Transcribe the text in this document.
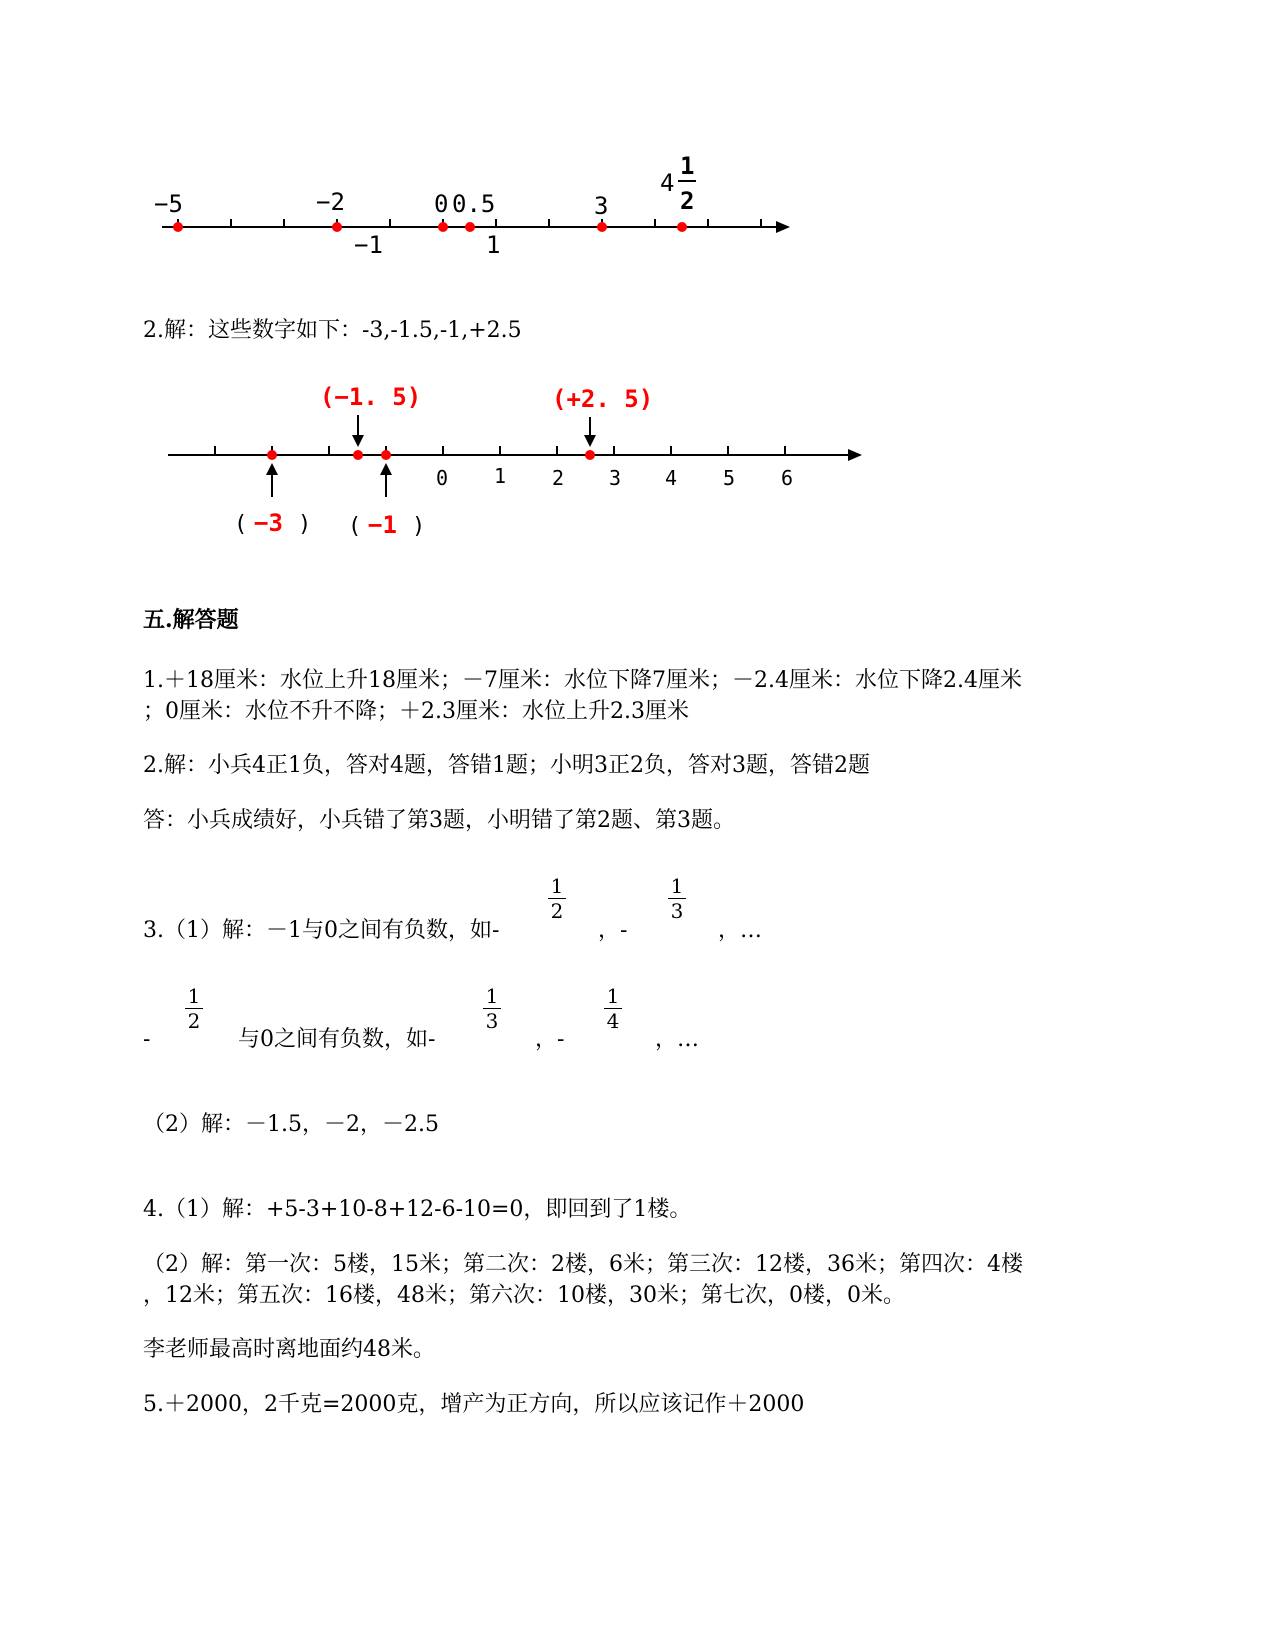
−5	−2	0 0.5	3
−1	1
4
1
2
2.解：这些数字如下：-3,-1.5,-1,+2.5
0 1 2 3 4 5 6
(−1. 5)	(+2. 5)
( −3 ) ( −1 )
五.解答题
1.＋18厘米：水位上升18厘米；－7厘米：水位下降7厘米；－2.4厘米：水位下降2.4厘米
；0厘米：水位不升不降；＋2.3厘米：水位上升2.3厘米
2.解：小兵4正1负，答对4题，答错1题；小明3正2负，答对3题，答错2题
答：小兵成绩好，小兵错了第3题，小明错了第2题、第3题。
3.（1）解：－1与0之间有负数，如-
1
2
，-
1
3
，…
-
1
2
与0之间有负数，如-
1
3
，-
1
4
，…
（2）解：－1.5，－2，－2.5
4.（1）解：+5-3+10-8+12-6-10=0，即回到了1楼。
（2）解：第一次：5楼，15米；第二次：2楼，6米；第三次：12楼，36米；第四次：4楼
，12米；第五次：16楼，48米；第六次：10楼，30米；第七次，0楼，0米。
李老师最高时离地面约48米。
5.＋2000，2千克=2000克，增产为正方向，所以应该记作＋2000
